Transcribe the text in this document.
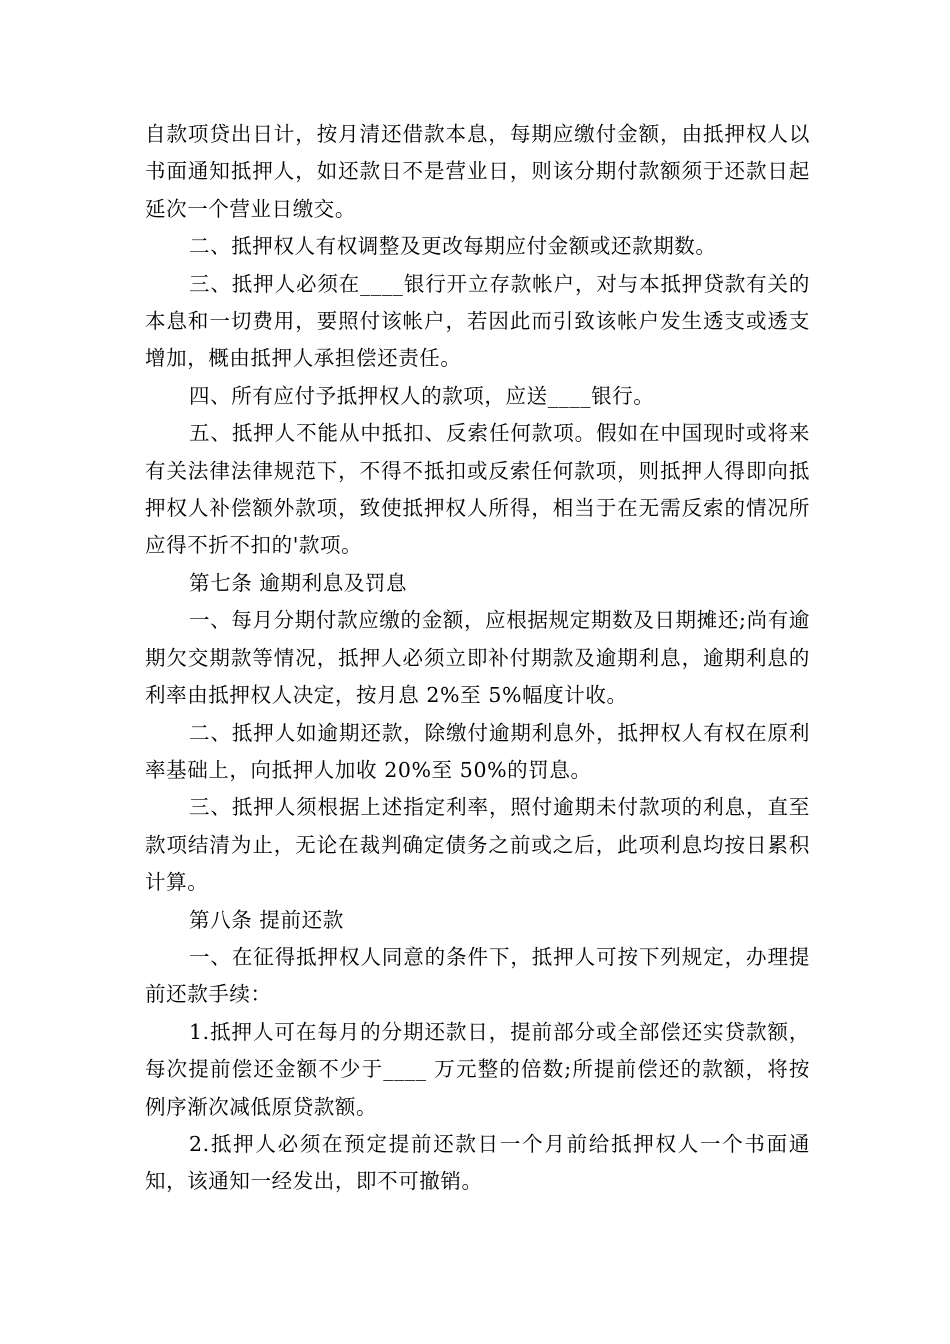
自款项贷出日计，按月清还借款本息，每期应缴付金额，由抵押权人以书面通知抵押人，如还款日不是营业日，则该分期付款额须于还款日起延次一个营业日缴交。

二、抵押权人有权调整及更改每期应付金额或还款期数。

三、抵押人必须在____银行开立存款帐户，对与本抵押贷款有关的本息和一切费用，要照付该帐户，若因此而引致该帐户发生透支或透支增加，概由抵押人承担偿还责任。

四、所有应付予抵押权人的款项，应送____银行。

五、抵押人不能从中抵扣、反索任何款项。假如在中国现时或将来有关法律法律规范下，不得不抵扣或反索任何款项，则抵押人得即向抵押权人补偿额外款项，致使抵押权人所得，相当于在无需反索的情况所应得不折不扣的'款项。

第七条 逾期利息及罚息

一、每月分期付款应缴的金额，应根据规定期数及日期摊还;尚有逾期欠交期款等情况，抵押人必须立即补付期款及逾期利息，逾期利息的利率由抵押权人决定，按月息 2%至 5%幅度计收。

二、抵押人如逾期还款，除缴付逾期利息外，抵押权人有权在原利率基础上，向抵押人加收 20%至 50%的罚息。

三、抵押人须根据上述指定利率，照付逾期未付款项的利息，直至款项结清为止，无论在裁判确定债务之前或之后，此项利息均按日累积计算。

第八条 提前还款

一、在征得抵押权人同意的条件下，抵押人可按下列规定，办理提前还款手续：

1.抵押人可在每月的分期还款日，提前部分或全部偿还实贷款额，每次提前偿还金额不少于____ 万元整的倍数;所提前偿还的款额，将按例序渐次减低原贷款额。

2.抵押人必须在预定提前还款日一个月前给抵押权人一个书面通知，该通知一经发出，即不可撤销。
